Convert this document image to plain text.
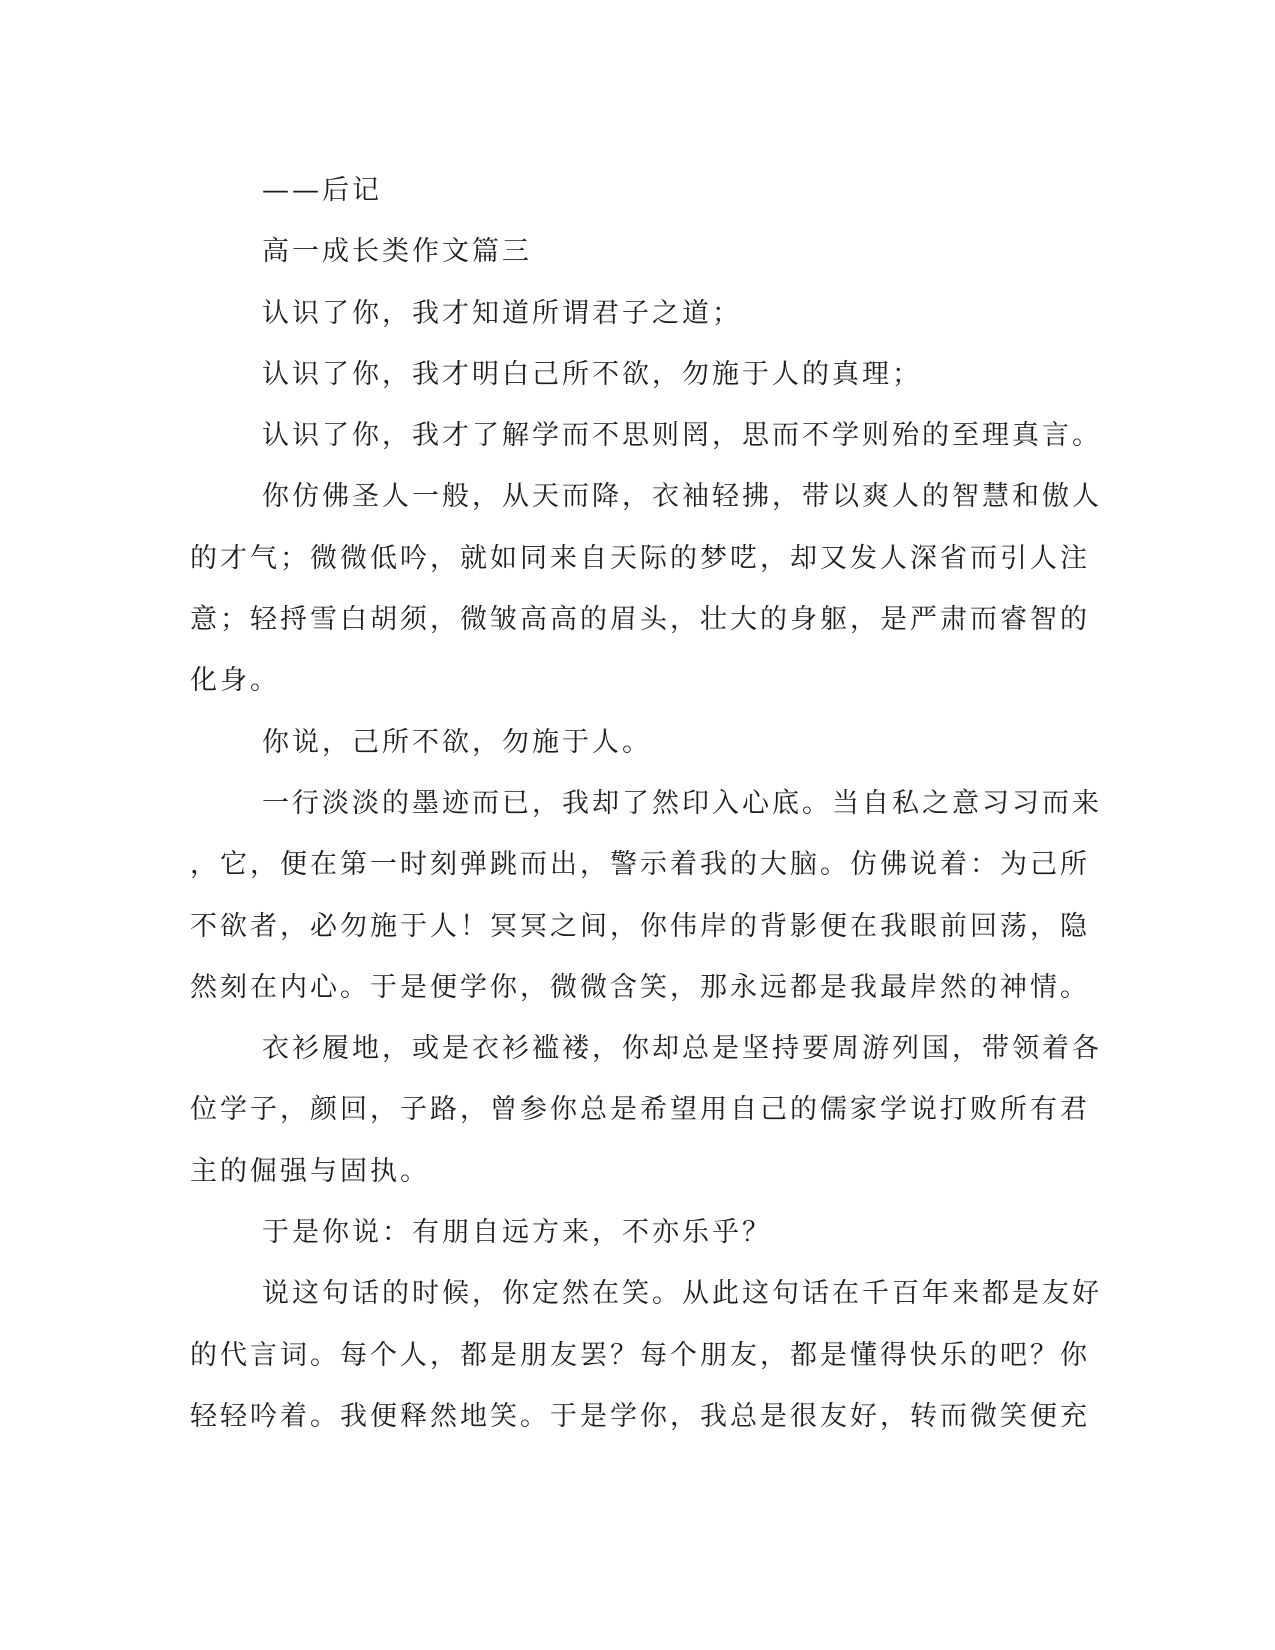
——后记
高一成长类作文篇三
认识了你，我才知道所谓君子之道；
认识了你，我才明白己所不欲，勿施于人的真理；
认识了你，我才了解学而不思则罔，思而不学则殆的至理真言。
你仿佛圣人一般，从天而降，衣袖轻拂，带以爽人的智慧和傲人
的才气；微微低吟，就如同来自天际的梦呓，却又发人深省而引人注
意；轻捋雪白胡须，微皱高高的眉头，壮大的身躯，是严肃而睿智的
化身。
你说，己所不欲，勿施于人。
一行淡淡的墨迹而已，我却了然印入心底。当自私之意习习而来
，它，便在第一时刻弹跳而出，警示着我的大脑。仿佛说着：为己所
不欲者，必勿施于人！冥冥之间，你伟岸的背影便在我眼前回荡，隐
然刻在内心。于是便学你，微微含笑，那永远都是我最岸然的神情。
衣衫履地，或是衣衫褴褛，你却总是坚持要周游列国，带领着各
位学子，颜回，子路，曾参你总是希望用自己的儒家学说打败所有君
主的倔强与固执。
于是你说：有朋自远方来，不亦乐乎？
说这句话的时候，你定然在笑。从此这句话在千百年来都是友好
的代言词。每个人，都是朋友罢？每个朋友，都是懂得快乐的吧？你
轻轻吟着。我便释然地笑。于是学你，我总是很友好，转而微笑便充
